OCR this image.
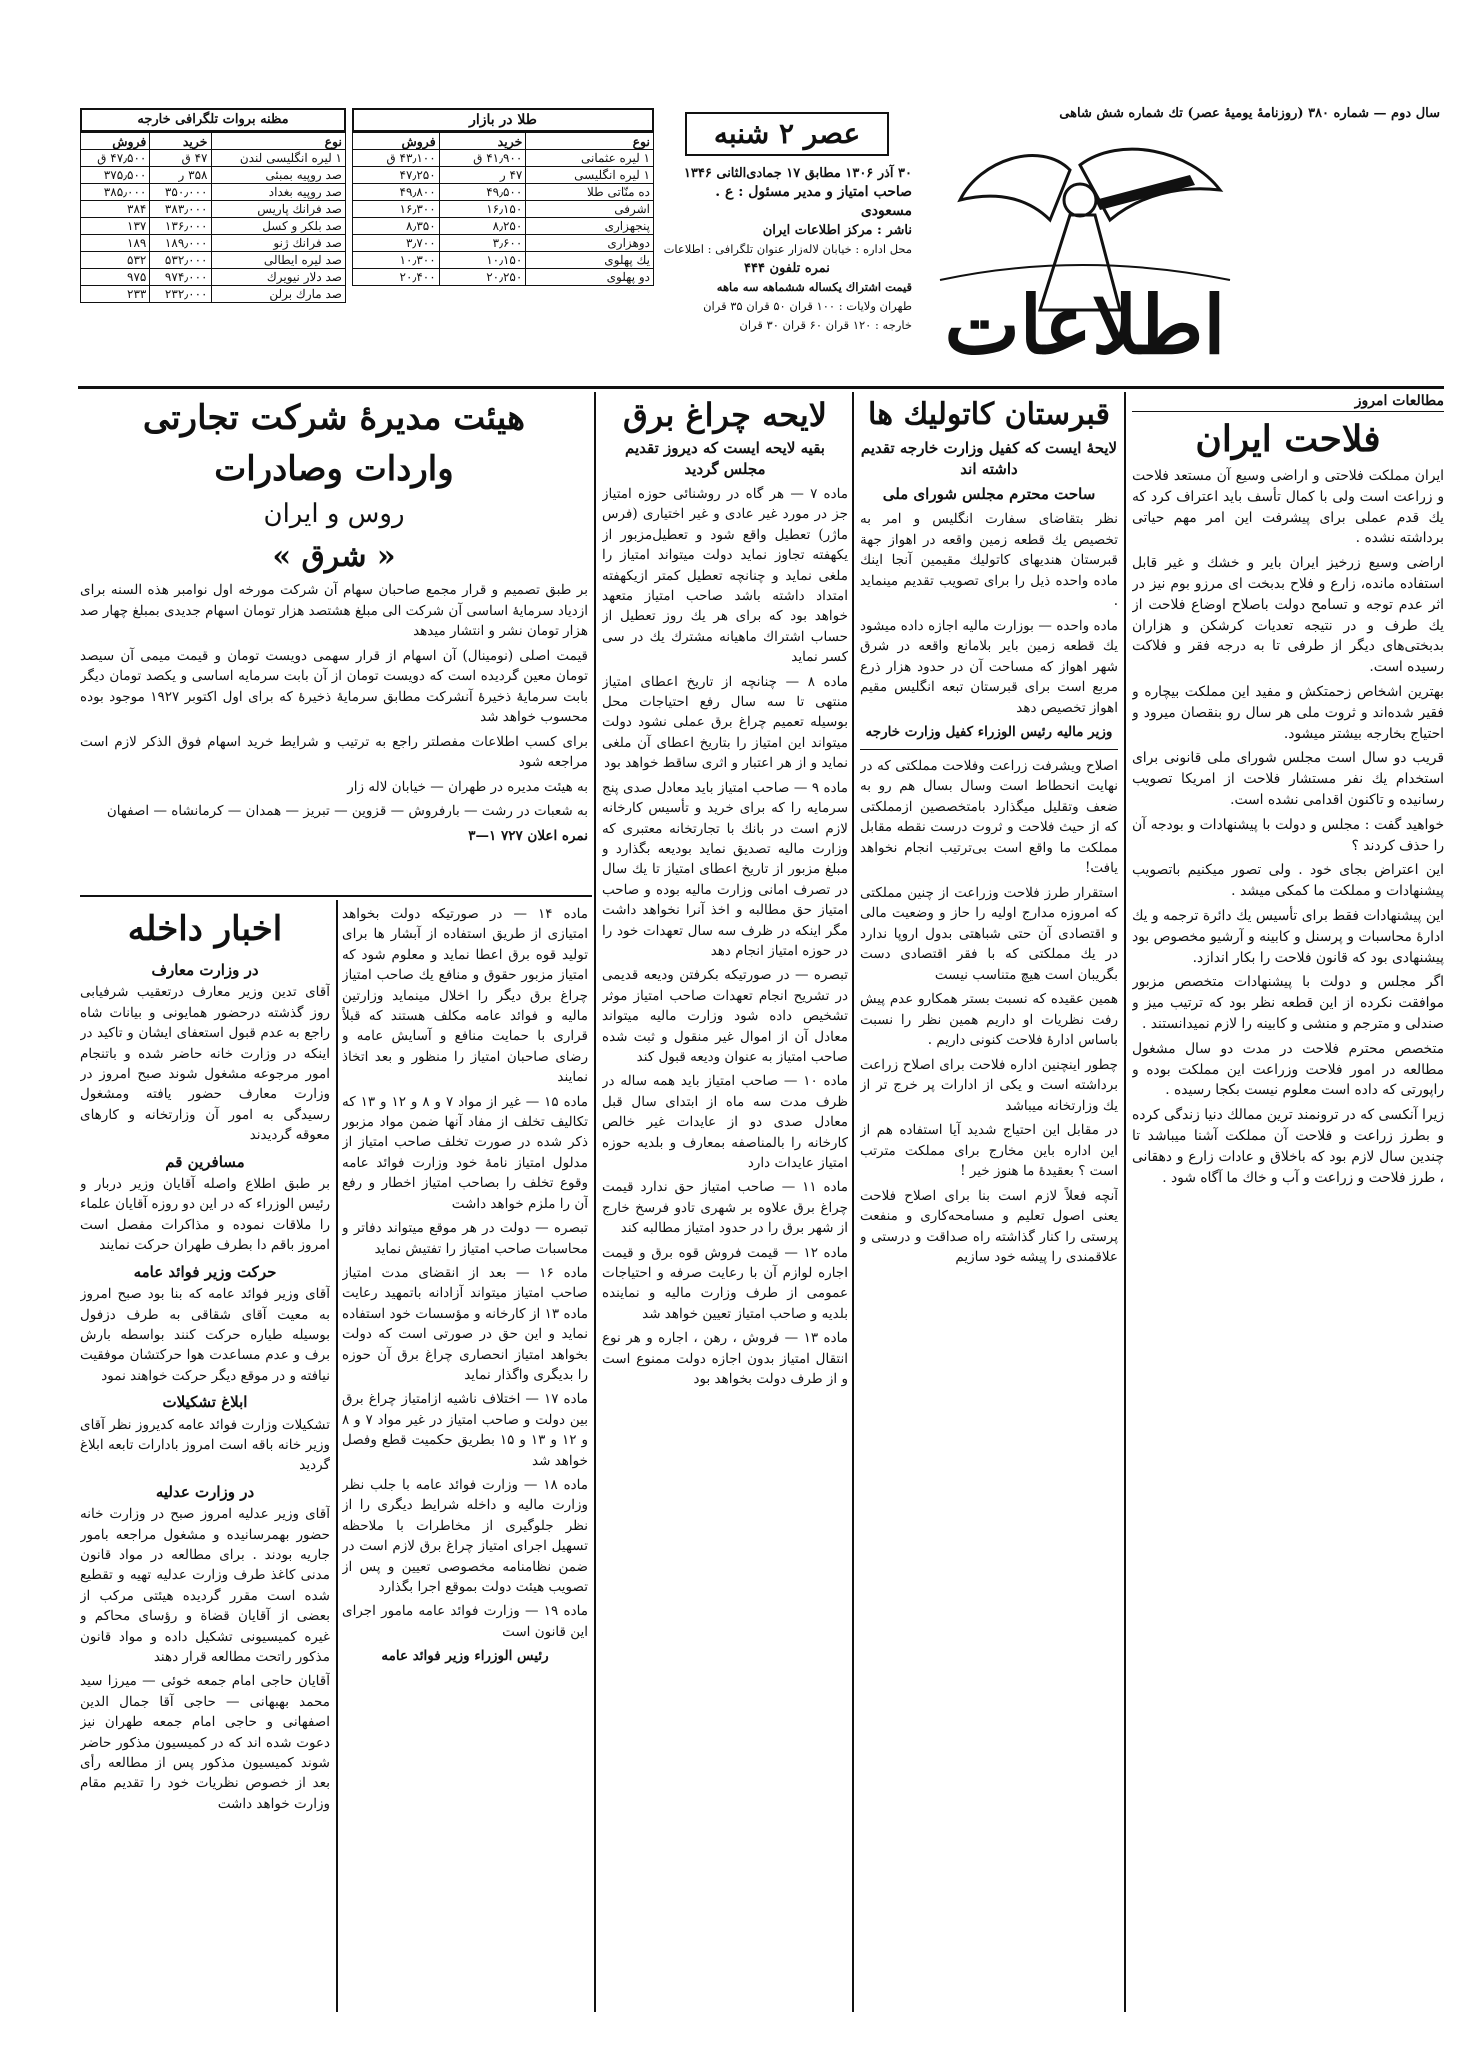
سال دوم — شماره ۳۸۰ (روزنامهٔ یومیهٔ عصر) تك شماره شش شاهی
اطلاعات
عصر ۲ شنبه
۳۰ آذر ۱۳۰۶ مطابق ۱۷ جمادی‌الثانی ۱۳۴۶
صاحب امتیاز و مدیر مسئول : ع . مسعودی
ناشر : مرکز اطلاعات ایران
محل اداره : خیابان لاله‌زار عنوان تلگرافی : اطلاعات
نمره تلفون ۴۴۴
قیمت اشتراك یکساله ششماهه سه ماهه
طهران ولایات : ۱۰۰ قران ۵۰ قران ۳۵ قران
خارجه : ۱۲۰ قران ۶۰ قران ۳۰ قران
طلا در بازار
نوع	خرید	فروش
۱ لیره عثمانی	۴۱٫۹۰۰ ق	۴۳٫۱۰۰ ق
۱ لیره انگلیسی	۴۷ ر	۴۷٫۲۵۰
ده منّاتی طلا	۴۹٫۵۰۰	۴۹٫۸۰۰
اشرفی	۱۶٫۱۵۰	۱۶٫۳۰۰
پنجهزاری	۸٫۲۵۰	۸٫۳۵۰
دوهزاری	۳٫۶۰۰	۳٫۷۰۰
یك پهلوی	۱۰٫۱۵۰	۱۰٫۳۰۰
دو پهلوی	۲۰٫۲۵۰	۲۰٫۴۰۰
مظنه بروات تلگرافی خارجه
نوع	خرید	فروش
۱ لیره انگلیسی لندن	۴۷ ق	۴۷٫۵۰۰ ق
صد روپیه بمبئی	۳۵۸ ر	۳۷۵٫۵۰۰
صد روپیه بغداد	۳۵۰٫۰۰۰	۳۸۵٫۰۰۰
صد فرانك پاریس	۳۸۳٫۰۰۰	۳۸۴
صد بلکر و کسل	۱۳۶٫۰۰۰	۱۳۷
صد فرانك ژنو	۱۸۹٫۰۰۰	۱۸۹
صد لیره ایطالی	۵۳۲٫۰۰۰	۵۳۲
صد دلار نیویرك	۹۷۴٫۰۰۰	۹۷۵
صد مارك برلن	۲۳۲٫۰۰۰	۲۳۳
مطالعات امروز
فلاحت ایران

ایران مملکت فلاحتی و اراضی وسیع آن مستعد فلاحت و زراعت است ولی با کمال تأسف باید اعتراف کرد که یك قدم عملی برای پیشرفت این امر مهم حیاتی برداشته نشده .

اراضی وسیع زرخیز ایران بایر و خشك و غیر قابل استفاده مانده، زارع و فلاح بدبخت ای مرزو بوم نیز در اثر عدم توجه و تسامح دولت باصلاح اوضاع فلاحت از یك طرف و در نتیجه تعدیات کرشکن و هزاران بدبختی‌های دیگر از طرفی تا به درجه فقر و فلاکت رسیده است.

بهترین اشخاص زحمتکش و مفید این مملکت بیچاره و فقیر شده‌اند و ثروت ملی هر سال رو بنقصان میرود و احتیاج بخارجه بیشتر میشود.

قریب دو سال است مجلس شورای ملی قانونی برای استخدام یك نفر مستشار فلاحت از امریکا تصویب رسانیده و تاکنون اقدامی نشده است.

خواهید گفت : مجلس و دولت با پیشنهادات و بودجه آن را حذف کردند ؟

این اعتراض بجای خود . ولی تصور میکنیم باتصویب پیشنهادات و مملکت ما کمکی میشد .

این پیشنهادات فقط برای تأسیس یك دائرة ترجمه و یك ادارهٔ محاسبات و پرسنل و کابینه و آرشیو مخصوص بود پیشنهادی بود که قانون فلاحت را بکار اندازد.

اگر مجلس و دولت با پیشنهادات متخصص مزبور موافقت نکرده از این قطعه نظر بود که ترتیب میز و صندلی و مترجم و منشی و کابینه را لازم نمیدانستند .

متخصص محترم فلاحت در مدت دو سال مشغول مطالعه در امور فلاحت وزراعت این مملکت بوده و راپورتی که داده است معلوم نیست بکجا رسیده .

زیرا آنکسی که در ترونمند ترین ممالك دنیا زندگی کرده و بطرز زراعت و فلاحت آن مملکت آشنا میباشد تا چندین سال لازم بود که باخلاق و عادات زارع و دهقانی ، طرز فلاحت و زراعت و آب و خاك ما آگاه شود .

قبرستان کاتولیك ها
لایحهٔ ایست که کفیل وزارت خارجه تقدیم داشته اند
ساحت محترم مجلس شورای ملی

نظر بتقاضای سفارت انگلیس و امر به تخصیص یك قطعه زمین واقعه در اهواز جهة قبرستان هندیهای کاتولیك مقیمین آنجا اینك ماده واحده ذیل را برای تصویب تقدیم مینماید .

ماده واحده — بوزارت مالیه اجازه داده میشود یك قطعه زمین بایر بلامانع واقعه در شرق شهر اهواز که مساحت آن در حدود هزار ذرع مربع است برای قبرستان تبعه انگلیس مقیم اهواز تخصیص دهد

وزیر مالیه رئیس الوزراء کفیل وزارت خارجه

اصلاح ویشرفت زراعت وفلاحت مملکتی که در نهایت انحطاط است وسال بسال هم رو به ضعف وتقلیل میگذارد بامتخصصین ازمملکتی که از حیث فلاحت و ثروت درست نقطه مقابل مملکت ما واقع است بی‌ترتیب انجام نخواهد یافت!

استقرار طرز فلاحت وزراعت از چنین مملکتی که امروزه مدارج اولیه را حاز و وضعیت مالی و اقتصادی آن حتی شباهتی بدول اروپا ندارد در یك مملکتی که با فقر اقتصادی دست بگریبان است هیچ متناسب نیست

همین عقیده که نسبت بستر همکارو عدم پیش رفت نظریات او داریم همین نظر را نسبت باساس ادارهٔ فلاحت کنونی داریم .

چطور اینچنین اداره فلاحت برای اصلاح زراعت برداشته است و یکی از ادارات پر خرج تر از یك وزارتخانه میباشد

در مقابل این احتیاج شدید آیا استفاده هم از این اداره باین مخارج برای مملکت مترتب است ؟ بعقیدهٔ ما هنوز خیر !

آنچه فعلاً لازم است بنا برای اصلاح فلاحت یعنی اصول تعلیم و مسامحه‌کاری و منفعت پرستی را کنار گذاشته راه صداقت و درستی و علاقمندی را پیشه خود سازیم

لایحه چراغ برق
بقیه لایحه ایست که دیروز تقدیم مجلس گردید

ماده ۷ — هر گاه در روشنائی حوزه امتیاز جز در مورد غیر عادی و غیر اختیاری (فرس ماژر) تعطیل واقع شود و تعطیل‌مزبور از یکهفته تجاوز نماید دولت میتواند امتیاز را ملغی نماید و چنانچه تعطیل کمتر ازیکهفته امتداد داشته باشد صاحب امتیاز متعهد خواهد بود که برای هر یك روز تعطیل از حساب اشتراك ماهیانه مشترك یك در سی کسر نماید

ماده ۸ — چنانچه از تاریخ اعطای امتیاز منتهی تا سه سال رفع احتیاجات محل بوسیله تعمیم چراغ برق عملی نشود دولت میتواند این امتیاز را بتاریخ اعطای آن ملغی نماید و از هر اعتبار و اثری ساقط خواهد بود

ماده ۹ — صاحب امتیاز باید معادل صدی پنج سرمایه را که برای خرید و تأسیس کارخانه لازم است در بانك با تجارتخانه معتبری که وزارت مالیه تصدیق نماید بودیعه بگذارد و مبلغ مزبور از تاریخ اعطای امتیاز تا یك سال در تصرف امانی وزارت مالیه بوده و صاحب امتیاز حق مطالبه و اخذ آنرا نخواهد داشت مگر اینکه در ظرف سه سال تعهدات خود را در حوزه امتیاز انجام دهد

تبصره — در صورتیکه بکرفتن ودیعه قدیمی در تشریح انجام تعهدات صاحب امتیاز موثر تشخیص داده شود وزارت مالیه میتواند معادل آن از اموال غیر منقول و ثبت شده صاحب امتیاز به عنوان ودیعه قبول کند

ماده ۱۰ — صاحب امتیاز باید همه ساله در ظرف مدت سه ماه از ابتدای سال قبل معادل صدی دو از عایدات غیر خالص کارخانه را بالمناصفه بمعارف و بلدیه حوزه امتیاز عایدات دارد

ماده ۱۱ — صاحب امتیاز حق ندارد قیمت چراغ برق علاوه بر شهری تادو فرسخ خارج از شهر برق را در حدود امتیاز مطالبه کند

ماده ۱۲ — قیمت فروش قوه برق و قیمت اجاره لوازم آن با رعایت صرفه و احتیاجات عمومی از طرف وزارت مالیه و نماینده بلدیه و صاحب امتیاز تعیین خواهد شد

ماده ۱۳ — فروش ، رهن ، اجاره و هر نوع انتقال امتیاز بدون اجازه دولت ممنوع است و از طرف دولت بخواهد بود

هیئت مدیرهٔ شرکت تجارتی
واردات وصادرات
روس و ایران
« شرق »

بر طبق تصمیم و قرار مجمع صاحبان سهام آن شرکت مورخه اول نوامبر هذه السنه برای ازدیاد سرمایهٔ اساسی آن شرکت الی مبلغ هشتصد هزار تومان اسهام جدیدی بمبلغ چهار صد هزار تومان نشر و انتشار میدهد

قیمت اصلی (نومینال) آن اسهام از قرار سهمی دویست تومان و قیمت میمی آن سیصد تومان معین گردیده است که دویست تومان از آن بابت سرمایه اساسی و یکصد تومان دیگر بابت سرمایهٔ ذخیرهٔ آنشرکت مطابق سرمایهٔ ذخیرهٔ که برای اول اکتوبر ۱۹۲۷ موجود بوده محسوب خواهد شد

برای کسب اطلاعات مفصلتر راجع به ترتیب و شرایط خرید اسهام فوق الذکر لازم است مراجعه شود

به هیئت مدیره در طهران — خیابان لاله زار

به شعبات در رشت — بارفروش — قزوین — تبریز — همدان — کرمانشاه — اصفهان

نمره اعلان ۷۲۷ ۱—۳

ماده ۱۴ — در صورتیکه دولت بخواهد امتیازی از طریق استفاده از آبشار ها برای تولید قوه برق اعطا نماید و معلوم شود که امتیاز مزبور حقوق و منافع یك صاحب امتیاز چراغ برق دیگر را اخلال مینماید وزارتین مالیه و فوائد عامه مکلف هستند که قبلاً قراری با حمایت منافع و آسایش عامه و رضای صاحبان امتیاز را منظور و بعد اتخاذ نمایند

ماده ۱۵ — غیر از مواد ۷ و ۸ و ۱۲ و ۱۳ که تکالیف تخلف از مفاد آنها ضمن مواد مزبور ذکر شده در صورت تخلف صاحب امتیاز از مدلول امتیاز نامهٔ خود وزارت فوائد عامه وقوع تخلف را بصاحب امتیاز اخطار و رفع آن را ملزم خواهد داشت

تبصره — دولت در هر موقع میتواند دفاتر و محاسبات صاحب امتیاز را تفتیش نماید

ماده ۱۶ — بعد از انقضای مدت امتیاز صاحب امتیاز میتواند آزادانه باتمهید رعایت ماده ۱۳ از کارخانه و مؤسسات خود استفاده نماید و این حق در صورتی است که دولت بخواهد امتیاز انحصاری چراغ برق آن حوزه را بدیگری واگذار نماید

ماده ۱۷ — اختلاف ناشیه ازامتیاز چراغ برق بین دولت و صاحب امتیاز در غیر مواد ۷ و ۸ و ۱۲ و ۱۳ و ۱۵ بطریق حکمیت قطع وفصل خواهد شد

ماده ۱۸ — وزارت فوائد عامه با جلب نظر وزارت مالیه و داخله شرایط دیگری را از نظر جلوگیری از مخاطرات با ملاحظه تسهیل اجرای امتیاز چراغ برق لازم است در ضمن نظامنامه مخصوصی تعیین و پس از تصویب هیئت دولت بموقع اجرا بگذارد

ماده ۱۹ — وزارت فوائد عامه مامور اجرای این قانون است

رئیس الوزراء وزیر فوائد عامه

اخبار داخله
در وزارت معارف

آقای تدین وزیر معارف درتعقیب شرفیابی روز گذشته درحضور همایونی و بیانات شاه راجع به عدم قبول استعفای ایشان و تاکید در اینکه در وزارت خانه حاضر شده و باتنجام امور مرجوعه مشغول شوند صبح امروز در وزارت معارف حضور یافته ومشغول رسیدگی به امور آن وزارتخانه و کارهای معوقه گردیدند

مسافرین قم

بر طبق اطلاع واصله آقایان وزیر دربار و رئیس الوزراء که در این دو روزه آقایان علماء را ملاقات نموده و مذاکرات مفصل است امروز باقم دا بطرف طهران حرکت نمایند

حرکت وزیر فوائد عامه

آقای وزیر فوائد عامه که بنا بود صبح امروز به معیت آقای شقاقی به طرف دزفول بوسیله طیاره حرکت کنند بواسطه بارش برف و عدم مساعدت هوا حرکتشان موفقیت نیافته و در موقع دیگر حرکت خواهند نمود

ابلاغ تشکیلات

تشکیلات وزارت فوائد عامه کدیروز نظر آقای وزیر خانه باقه است امروز بادارات تابعه ابلاغ گردید

در وزارت عدلیه

آقای وزیر عدلیه امروز صبح در وزارت خانه حضور بهمرسانیده و مشغول مراجعه بامور جاریه بودند . برای مطالعه در مواد قانون مدنی کاغذ طرف وزارت عدلیه تهیه و تقطیع شده است مقرر گردیده هیئتی مرکب از بعضی از آقایان قضاة و رؤسای محاکم و غیره کمیسیونی تشکیل داده و مواد قانون مذکور راتحت مطالعه قرار دهند

آقایان حاجی امام جمعه خوئی — میرزا سید محمد بهبهانی — حاجی آقا جمال الدین اصفهانی و حاجی امام جمعه طهران نیز دعوت شده اند که در کمیسیون مذکور حاضر شوند کمیسیون مذکور پس از مطالعه رأی بعد از خصوص نظریات خود را تقدیم مقام وزارت خواهد داشت
